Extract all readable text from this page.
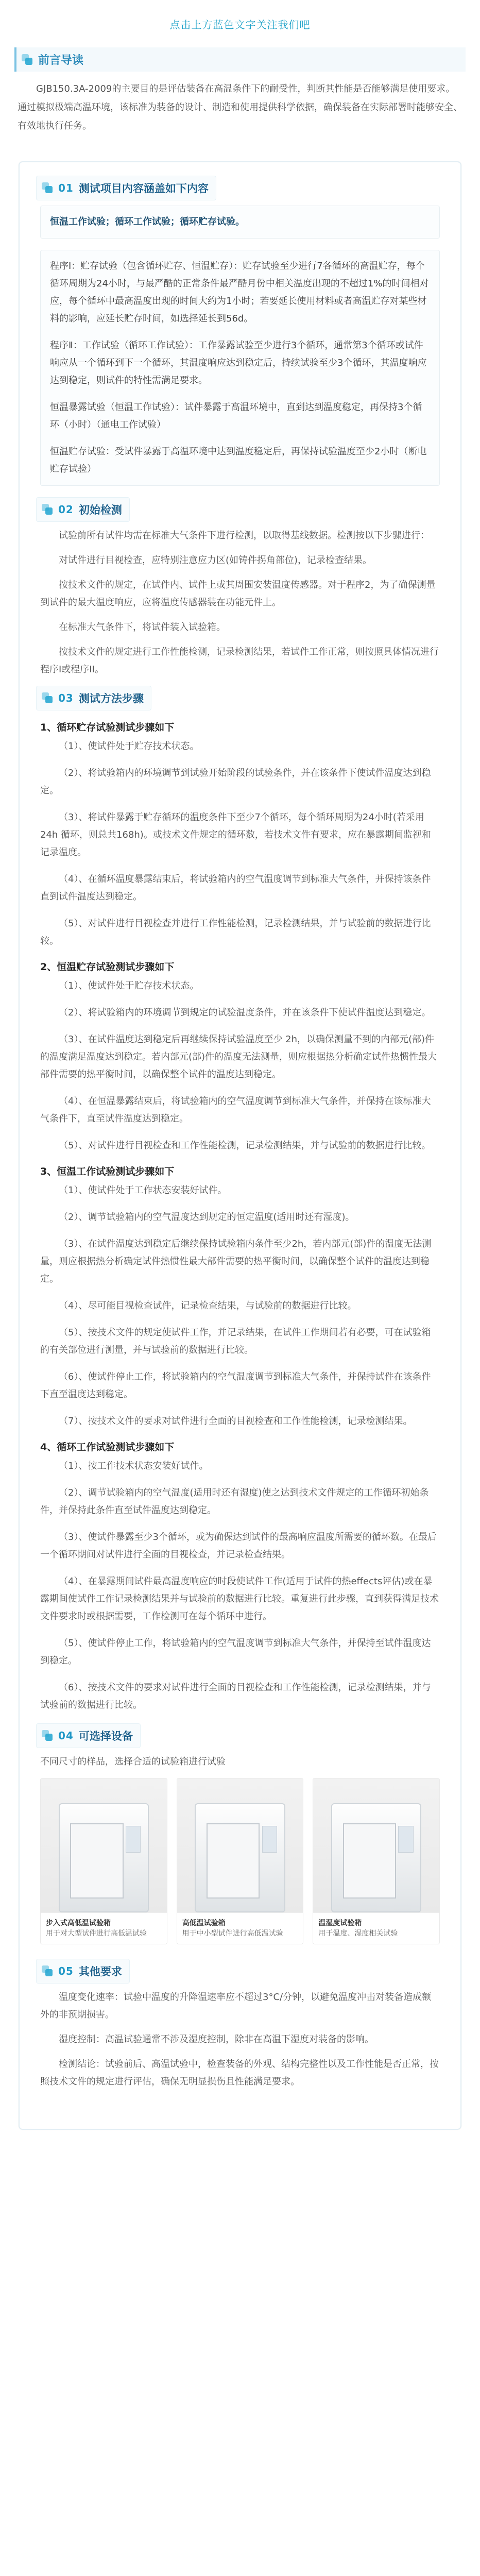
点击上方蓝色文字关注我们吧
前言导读
GJB150.3A-2009的主要目的是评估装备在高温条件下的耐受性，判断其性能是否能够满足使用要求。通过模拟极端高温环境，该标准为装备的设计、制造和使用提供科学依据，确保装备在实际部署时能够安全、有效地执行任务。
01 测试项目内容涵盖如下内容
恒温工作试验；循环工作试验；循环贮存试验。
程序Ⅰ：贮存试验（包含循环贮存、恒温贮存）：贮存试验至少进行7各循环的高温贮存，每个循环周期为24小时，与最严酷的正常条件最严酷月份中相关温度出现的不超过1%的时间相对应，每个循环中最高温度出现的时间大约为1小时；若要延长使用材料或者高温贮存对某些材料的影响，应延长贮存时间，如选择延长到56d。
程序Ⅱ：工作试验（循环工作试验）：工作暴露试验至少进行3个循环，通常第3个循环或试件响应从一个循环到下一个循环，其温度响应达到稳定后，持续试验至少3个循环，其温度响应达到稳定，则试件的特性需满足要求。
恒温暴露试验（恒温工作试验）：试件暴露于高温环境中，直到达到温度稳定，再保持3个循环（小时）（通电工作试验）
恒温贮存试验：受试件暴露于高温环境中达到温度稳定后，再保持试验温度至少2小时（断电贮存试验）
02 初始检测
试验前所有试件均需在标准大气条件下进行检测，以取得基线数据。检测按以下步骤进行：
对试件进行目视检查，应特别注意应力区(如铸件拐角部位)，记录检查结果。
按技术文件的规定，在试件内、试件上或其周围安装温度传感器。对于程序2，为了确保测量到试件的最大温度响应，应将温度传感器装在功能元件上。
在标准大气条件下，将试件装入试验箱。
按技术文件的规定进行工作性能检测，记录检测结果，若试件工作正常，则按照具体情况进行程序I或程序II。
03 测试方法步骤
1、循环贮存试验测试步骤如下
（1）、使试件处于贮存技术状态。
（2）、将试验箱内的环境调节到试验开始阶段的试验条件，并在该条件下使试件温度达到稳定。
（3）、将试件暴露于贮存循环的温度条件下至少7个循环，每个循环周期为24小时(若采用 24h 循环，则总共168h)。或技术文件规定的循环数，若技术文件有要求，应在暴露期间监视和记录温度。
（4）、在循环温度暴露结束后，将试验箱内的空气温度调节到标准大气条件，并保持该条件直到试件温度达到稳定。
（5）、对试件进行目视检查并进行工作性能检测，记录检测结果，并与试验前的数据进行比较。
2、恒温贮存试验测试步骤如下
（1）、使试件处于贮存技术状态。
（2）、将试验箱内的环境调节到规定的试验温度条件，并在该条件下使试件温度达到稳定。
（3）、在试件温度达到稳定后再继续保持试验温度至少 2h，以确保测量不到的内部元(部)件的温度满足温度达到稳定。若内部元(部)件的温度无法测量，则应根据热分析确定试件热惯性最大部件需要的热平衡时间，以确保整个试件的温度达到稳定。
（4）、在恒温暴露结束后，将试验箱内的空气温度调节到标准大气条件，并保持在该标准大气条件下，直至试件温度达到稳定。
（5）、对试件进行目视检查和工作性能检测，记录检测结果，并与试验前的数据进行比较。
3、恒温工作试验测试步骤如下
（1）、使试件处于工作状态安装好试件。
（2）、调节试验箱内的空气温度达到规定的恒定温度(适用时还有湿度)。
（3）、在试件温度达到稳定后继续保持试验箱内条件至少2h，若内部元(部)件的温度无法测量，则应根据热分析确定试件热惯性最大部件需要的热平衡时间，以确保整个试件的温度达到稳定。
（4）、尽可能目视检查试件，记录检查结果，与试验前的数据进行比较。
（5）、按技术文件的规定使试件工作，并记录结果，在试件工作期间若有必要，可在试验箱的有关部位进行测量，并与试验前的数据进行比较。
（6）、使试件停止工作，将试验箱内的空气温度调节到标准大气条件，并保持试件在该条件下直至温度达到稳定。
（7）、按技术文件的要求对试件进行全面的目视检查和工作性能检测，记录检测结果。
4、循环工作试验测试步骤如下
（1）、按工作技术状态安装好试件。
（2）、调节试验箱内的空气温度(适用时还有湿度)使之达到技术文件规定的工作循环初始条件，并保持此条件直至试件温度达到稳定。
（3）、使试件暴露至少3个循环，或为确保达到试件的最高响应温度所需要的循环数。在最后一个循环期间对试件进行全面的目视检查，并记录检查结果。
（4）、在暴露期间试件最高温度响应的时段使试件工作(适用于试件的热effects评估)或在暴露期间使试件工作记录检测结果并与试验前的数据进行比较。重复进行此步骤，直到获得满足技术文件要求时或根据需要，工作检测可在每个循环中进行。
（5）、使试件停止工作，将试验箱内的空气温度调节到标准大气条件，并保持至试件温度达到稳定。
（6）、按技术文件的要求对试件进行全面的目视检查和工作性能检测，记录检测结果，并与试验前的数据进行比较。
04 可选择设备
不同尺寸的样品，选择合适的试验箱进行试验
步入式高低温试验箱
用于对大型试件进行高低温试验
高低温试验箱
用于中小型试件进行高低温试验
温湿度试验箱
用于温度、湿度相关试验
05 其他要求
温度变化速率：试验中温度的升降温速率应不超过3°C/分钟，以避免温度冲击对装备造成额外的非预期损害。
湿度控制：高温试验通常不涉及湿度控制，除非在高温下湿度对装备的影响。
检测结论：试验前后、高温试验中，检查装备的外观、结构完整性以及工作性能是否正常，按照技术文件的规定进行评估，确保无明显损伤且性能满足要求。
